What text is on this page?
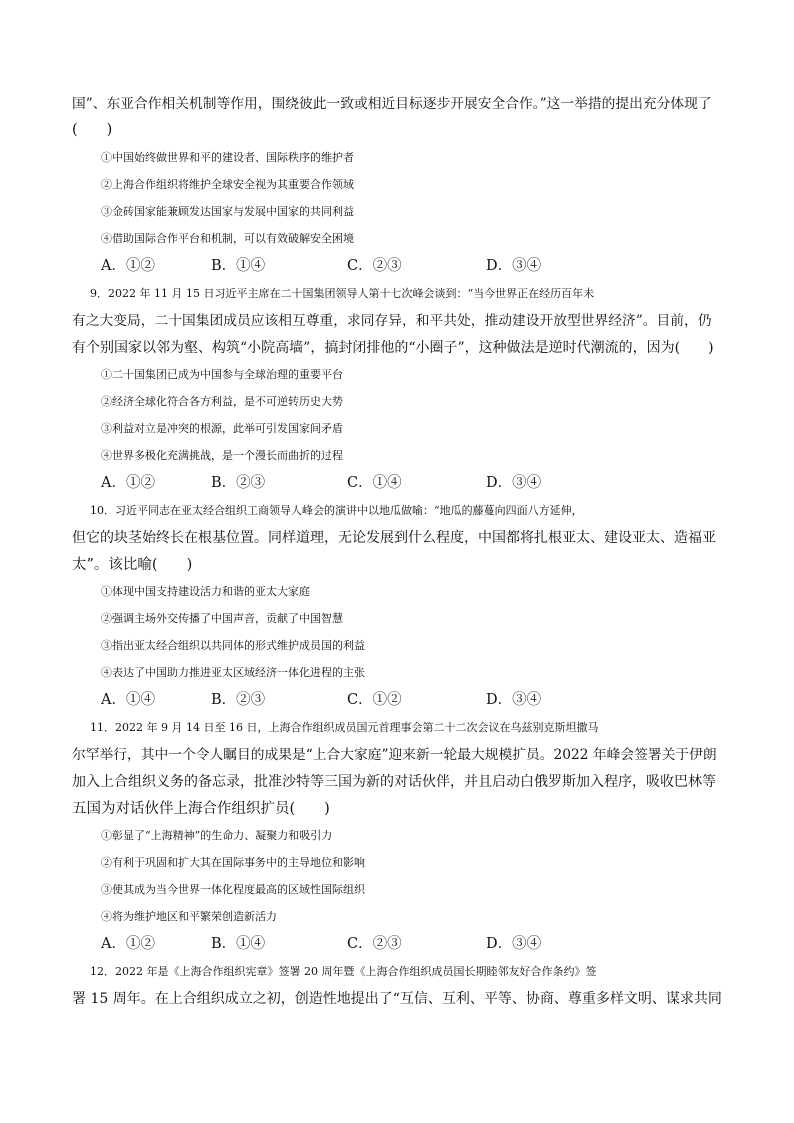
国”、东亚合作相关机制等作用，围绕彼此一致或相近目标逐步开展安全合作。”这一举措的提出充分体现了
(　　)
①中国始终做世界和平的建设者、国际秩序的维护者
②上海合作组织将维护全球安全视为其重要合作领域
③金砖国家能兼顾发达国家与发展中国家的共同利益
④借助国际合作平台和机制，可以有效破解安全困境
A．①②	B．①④	C．②③	D．③④
9．2022 年 11 月 15 日习近平主席在二十国集团领导人第十七次峰会谈到：“当今世界正在经历百年未
有之大变局，二十国集团成员应该相互尊重，求同存异，和平共处，推动建设开放型世界经济”。目前，仍
有个别国家以邻为壑、构筑“小院高墙”，搞封闭排他的“小圈子”，这种做法是逆时代潮流的，因为(　　)
①二十国集团已成为中国参与全球治理的重要平台
②经济全球化符合各方利益，是不可逆转历史大势
③利益对立是冲突的根源，此举可引发国家间矛盾
④世界多极化充满挑战，是一个漫长而曲折的过程
A．①②	B．②③	C．①④	D．③④
10．习近平同志在亚太经合组织工商领导人峰会的演讲中以地瓜做喻：“地瓜的藤蔓向四面八方延伸，
但它的块茎始终长在根基位置。同样道理，无论发展到什么程度，中国都将扎根亚太、建设亚太、造福亚
太”。该比喻(　　)
①体现中国支持建设活力和谐的亚太大家庭
②强调主场外交传播了中国声音，贡献了中国智慧
③指出亚太经合组织以共同体的形式维护成员国的利益
④表达了中国助力推进亚太区域经济一体化进程的主张
A．①④	B．②③	C．①②	D．③④
11．2022 年 9 月 14 日至 16 日，上海合作组织成员国元首理事会第二十二次会议在乌兹别克斯坦撒马
尔罕举行，其中一个令人瞩目的成果是“上合大家庭”迎来新一轮最大规模扩员。2022 年峰会签署关于伊朗
加入上合组织义务的备忘录，批准沙特等三国为新的对话伙伴，并且启动白俄罗斯加入程序，吸收巴林等
五国为对话伙伴上海合作组织扩员(　　)
①彰显了“上海精神”的生命力、凝聚力和吸引力
②有利于巩固和扩大其在国际事务中的主导地位和影响
③使其成为当今世界一体化程度最高的区域性国际组织
④将为维护地区和平繁荣创造新活力
A．①②	B．①④	C．②③	D．③④
12．2022 年是《上海合作组织宪章》签署 20 周年暨《上海合作组织成员国长期睦邻友好合作条约》签
署 15 周年。在上合组织成立之初，创造性地提出了“互信、互利、平等、协商、尊重多样文明、谋求共同
